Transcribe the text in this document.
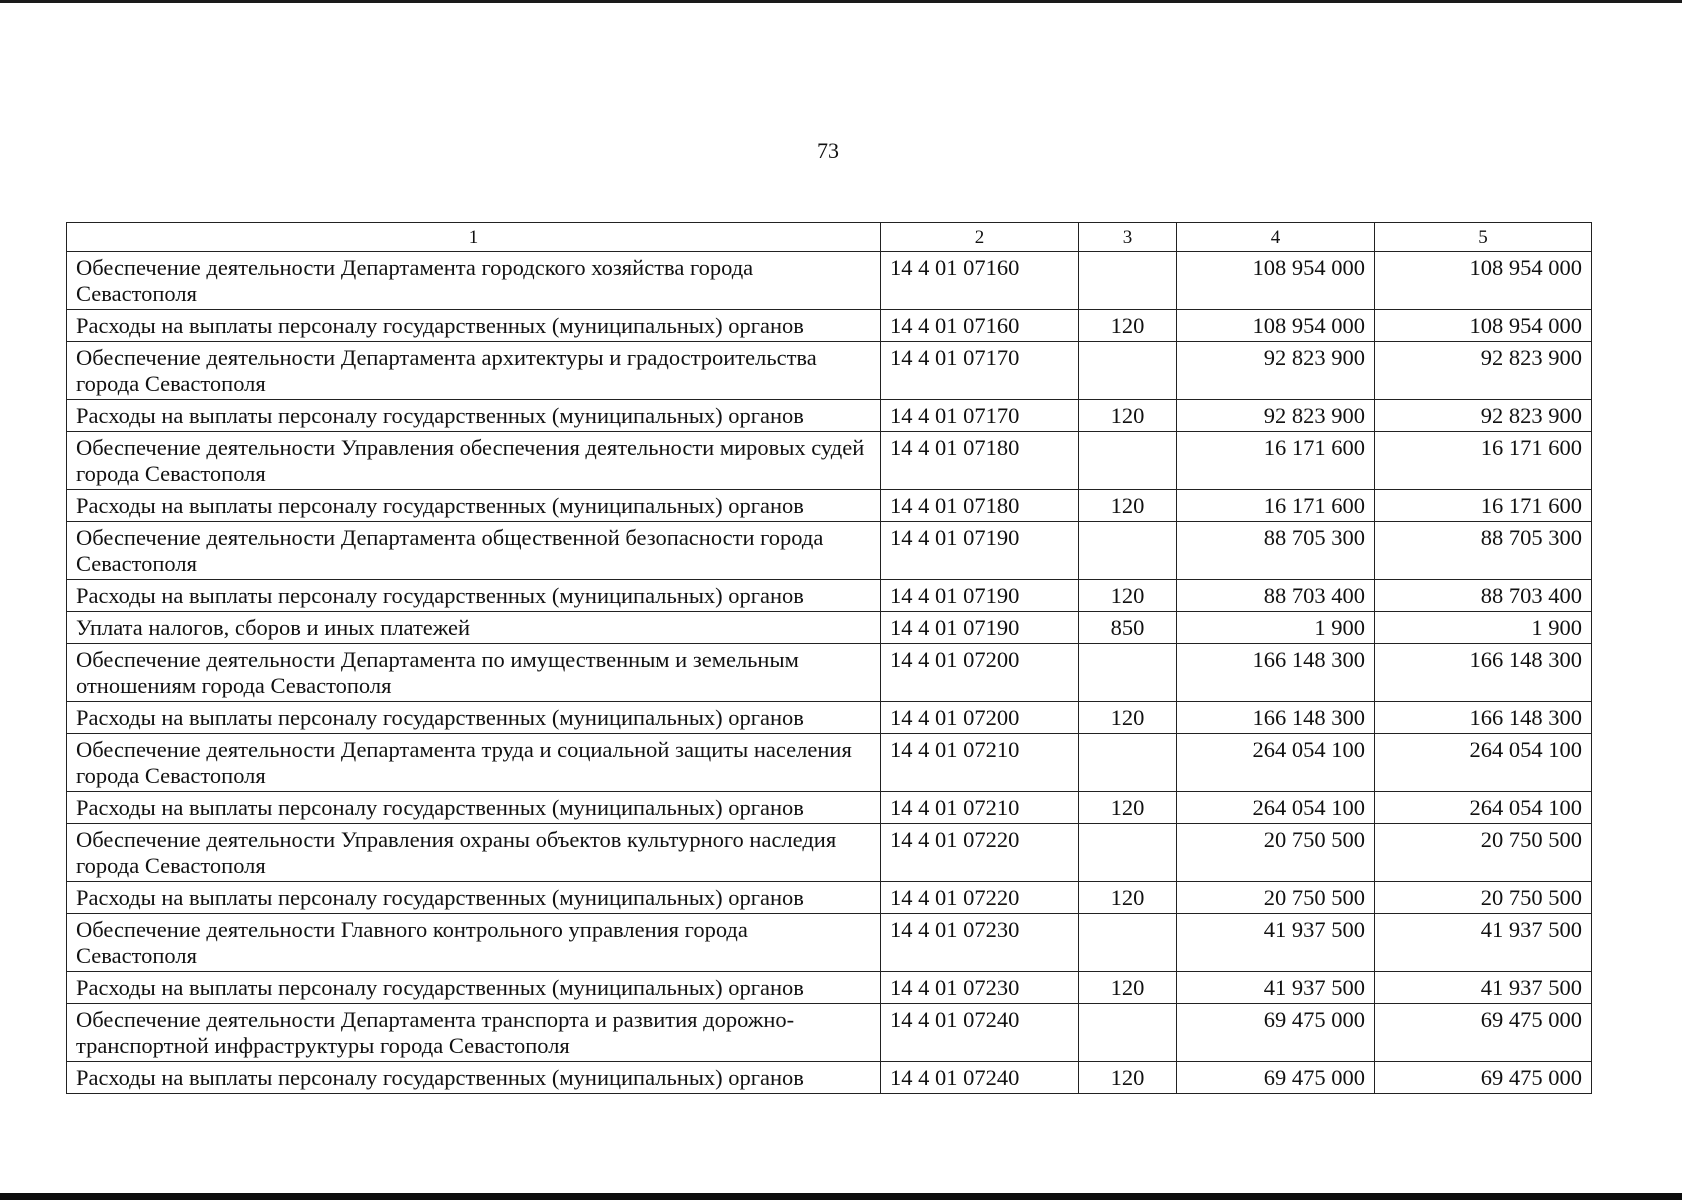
73
1	2	3	4	5
Обеспечение деятельности Департамента городского хозяйства города Севастополя	14 4 01 07160		108 954 000	108 954 000
Расходы на выплаты персоналу государственных (муниципальных) органов	14 4 01 07160	120	108 954 000	108 954 000
Обеспечение деятельности Департамента архитектуры и градостроительства города Севастополя	14 4 01 07170		92 823 900	92 823 900
Расходы на выплаты персоналу государственных (муниципальных) органов	14 4 01 07170	120	92 823 900	92 823 900
Обеспечение деятельности Управления обеспечения деятельности мировых судей города Севастополя	14 4 01 07180		16 171 600	16 171 600
Расходы на выплаты персоналу государственных (муниципальных) органов	14 4 01 07180	120	16 171 600	16 171 600
Обеспечение деятельности Департамента общественной безопасности города Севастополя	14 4 01 07190		88 705 300	88 705 300
Расходы на выплаты персоналу государственных (муниципальных) органов	14 4 01 07190	120	88 703 400	88 703 400
Уплата налогов, сборов и иных платежей	14 4 01 07190	850	1 900	1 900
Обеспечение деятельности Департамента по имущественным и земельным отношениям города Севастополя	14 4 01 07200		166 148 300	166 148 300
Расходы на выплаты персоналу государственных (муниципальных) органов	14 4 01 07200	120	166 148 300	166 148 300
Обеспечение деятельности Департамента труда и социальной защиты населения города Севастополя	14 4 01 07210		264 054 100	264 054 100
Расходы на выплаты персоналу государственных (муниципальных) органов	14 4 01 07210	120	264 054 100	264 054 100
Обеспечение деятельности Управления охраны объектов культурного наследия города Севастополя	14 4 01 07220		20 750 500	20 750 500
Расходы на выплаты персоналу государственных (муниципальных) органов	14 4 01 07220	120	20 750 500	20 750 500
Обеспечение деятельности Главного контрольного управления города Севастополя	14 4 01 07230		41 937 500	41 937 500
Расходы на выплаты персоналу государственных (муниципальных) органов	14 4 01 07230	120	41 937 500	41 937 500
Обеспечение деятельности Департамента транспорта и развития дорожно-транспортной инфраструктуры города Севастополя	14 4 01 07240		69 475 000	69 475 000
Расходы на выплаты персоналу государственных (муниципальных) органов	14 4 01 07240	120	69 475 000	69 475 000
